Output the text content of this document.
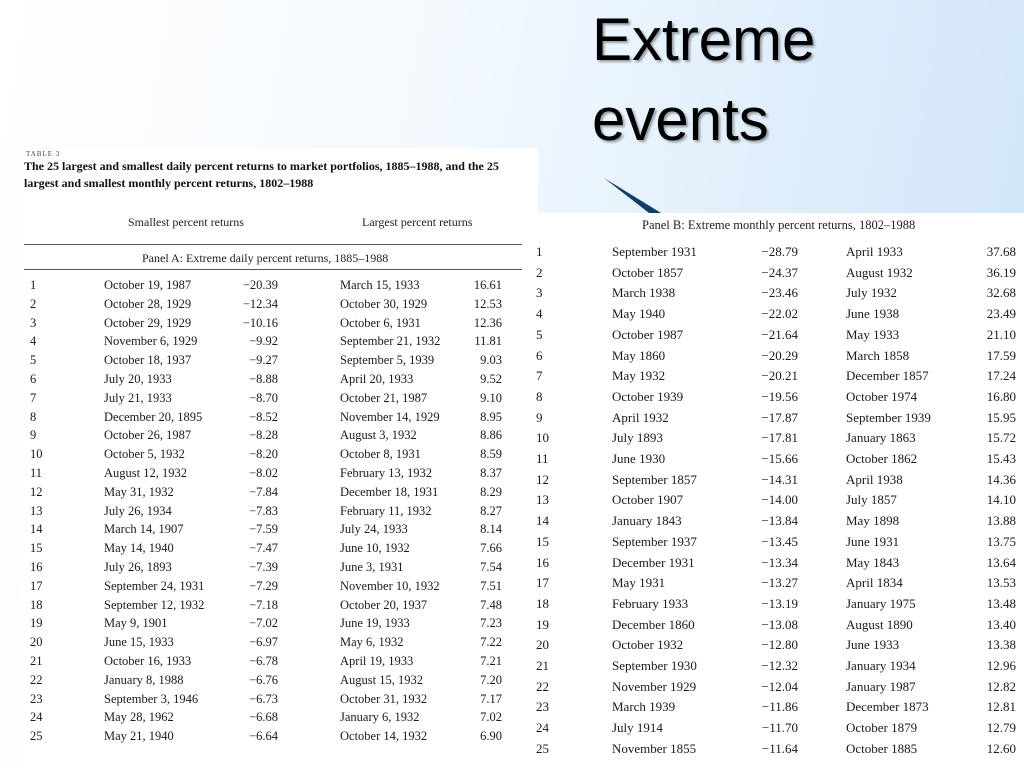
Extreme
events
TABLE 3
The 25 largest and smallest daily percent returns to market portfolios, 1885–1988, and the 25 largest and smallest monthly percent returns, 1802–1988
Smallest percent returns	Largest percent returns
Panel A: Extreme daily percent returns, 1885–1988
1	October 19, 1987	−20.39	March 15, 1933	16.61
2	October 28, 1929	−12.34	October 30, 1929	12.53
3	October 29, 1929	−10.16	October 6, 1931	12.36
4	November 6, 1929	−9.92	September 21, 1932	11.81
5	October 18, 1937	−9.27	September 5, 1939	9.03
6	July 20, 1933	−8.88	April 20, 1933	9.52
7	July 21, 1933	−8.70	October 21, 1987	9.10
8	December 20, 1895	−8.52	November 14, 1929	8.95
9	October 26, 1987	−8.28	August 3, 1932	8.86
10	October 5, 1932	−8.20	October 8, 1931	8.59
11	August 12, 1932	−8.02	February 13, 1932	8.37
12	May 31, 1932	−7.84	December 18, 1931	8.29
13	July 26, 1934	−7.83	February 11, 1932	8.27
14	March 14, 1907	−7.59	July 24, 1933	8.14
15	May 14, 1940	−7.47	June 10, 1932	7.66
16	July 26, 1893	−7.39	June 3, 1931	7.54
17	September 24, 1931	−7.29	November 10, 1932	7.51
18	September 12, 1932	−7.18	October 20, 1937	7.48
19	May 9, 1901	−7.02	June 19, 1933	7.23
20	June 15, 1933	−6.97	May 6, 1932	7.22
21	October 16, 1933	−6.78	April 19, 1933	7.21
22	January 8, 1988	−6.76	August 15, 1932	7.20
23	September 3, 1946	−6.73	October 31, 1932	7.17
24	May 28, 1962	−6.68	January 6, 1932	7.02
25	May 21, 1940	−6.64	October 14, 1932	6.90
Panel B: Extreme monthly percent returns, 1802–1988
1	September 1931	−28.79	April 1933	37.68
2	October 1857	−24.37	August 1932	36.19
3	March 1938	−23.46	July 1932	32.68
4	May 1940	−22.02	June 1938	23.49
5	October 1987	−21.64	May 1933	21.10
6	May 1860	−20.29	March 1858	17.59
7	May 1932	−20.21	December 1857	17.24
8	October 1939	−19.56	October 1974	16.80
9	April 1932	−17.87	September 1939	15.95
10	July 1893	−17.81	January 1863	15.72
11	June 1930	−15.66	October 1862	15.43
12	September 1857	−14.31	April 1938	14.36
13	October 1907	−14.00	July 1857	14.10
14	January 1843	−13.84	May 1898	13.88
15	September 1937	−13.45	June 1931	13.75
16	December 1931	−13.34	May 1843	13.64
17	May 1931	−13.27	April 1834	13.53
18	February 1933	−13.19	January 1975	13.48
19	December 1860	−13.08	August 1890	13.40
20	October 1932	−12.80	June 1933	13.38
21	September 1930	−12.32	January 1934	12.96
22	November 1929	−12.04	January 1987	12.82
23	March 1939	−11.86	December 1873	12.81
24	July 1914	−11.70	October 1879	12.79
25	November 1855	−11.64	October 1885	12.60
